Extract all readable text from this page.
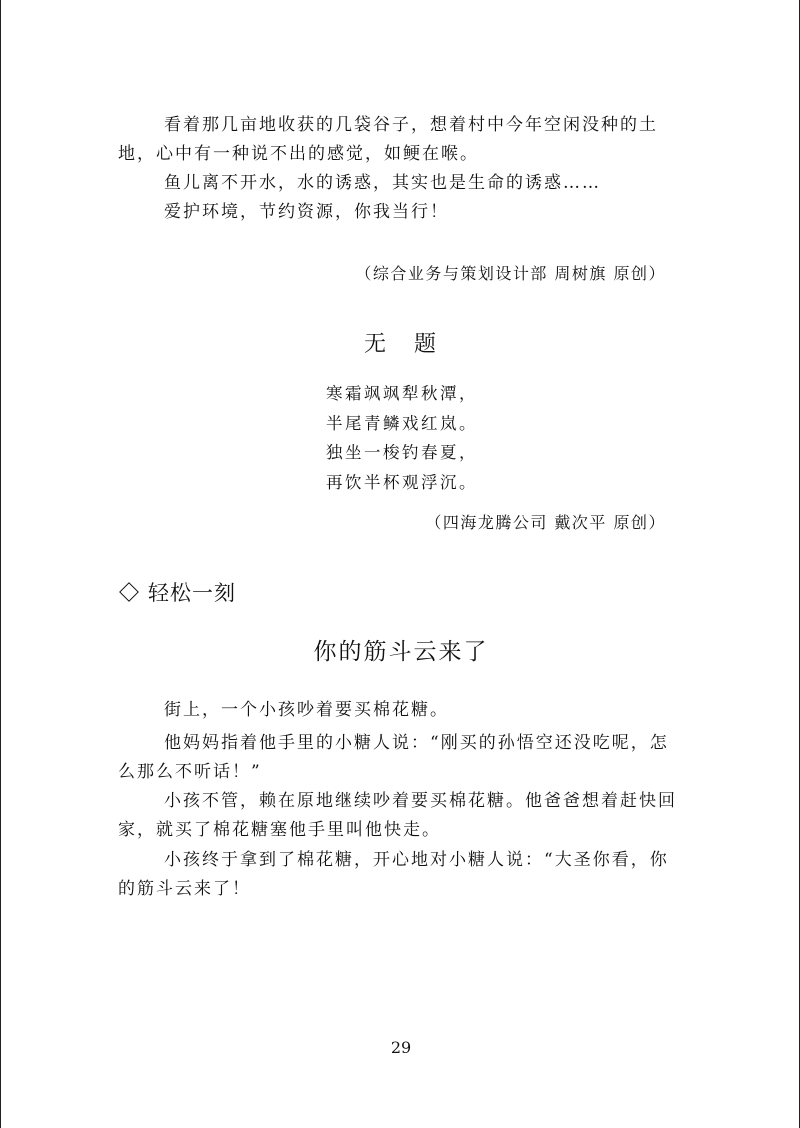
看着那几亩地收获的几袋谷子，想着村中今年空闲没种的土

地，心中有一种说不出的感觉，如鲠在喉。

鱼儿离不开水，水的诱惑，其实也是生命的诱惑……

爱护环境，节约资源，你我当行！

（综合业务与策划设计部 周树旗 原创）

无 题

寒霜飒飒犁秋潭，

半尾青鳞戏红岚。

独坐一梭钓春夏，

再饮半杯观浮沉。

（四海龙腾公司 戴次平 原创）

轻松一刻
你的筋斗云来了

街上，一个小孩吵着要买棉花糖。

他妈妈指着他手里的小糖人说：“刚买的孙悟空还没吃呢，怎

么那么不听话！”

小孩不管，赖在原地继续吵着要买棉花糖。他爸爸想着赶快回

家，就买了棉花糖塞他手里叫他快走。

小孩终于拿到了棉花糖，开心地对小糖人说：“大圣你看，你

的筋斗云来了！

29
